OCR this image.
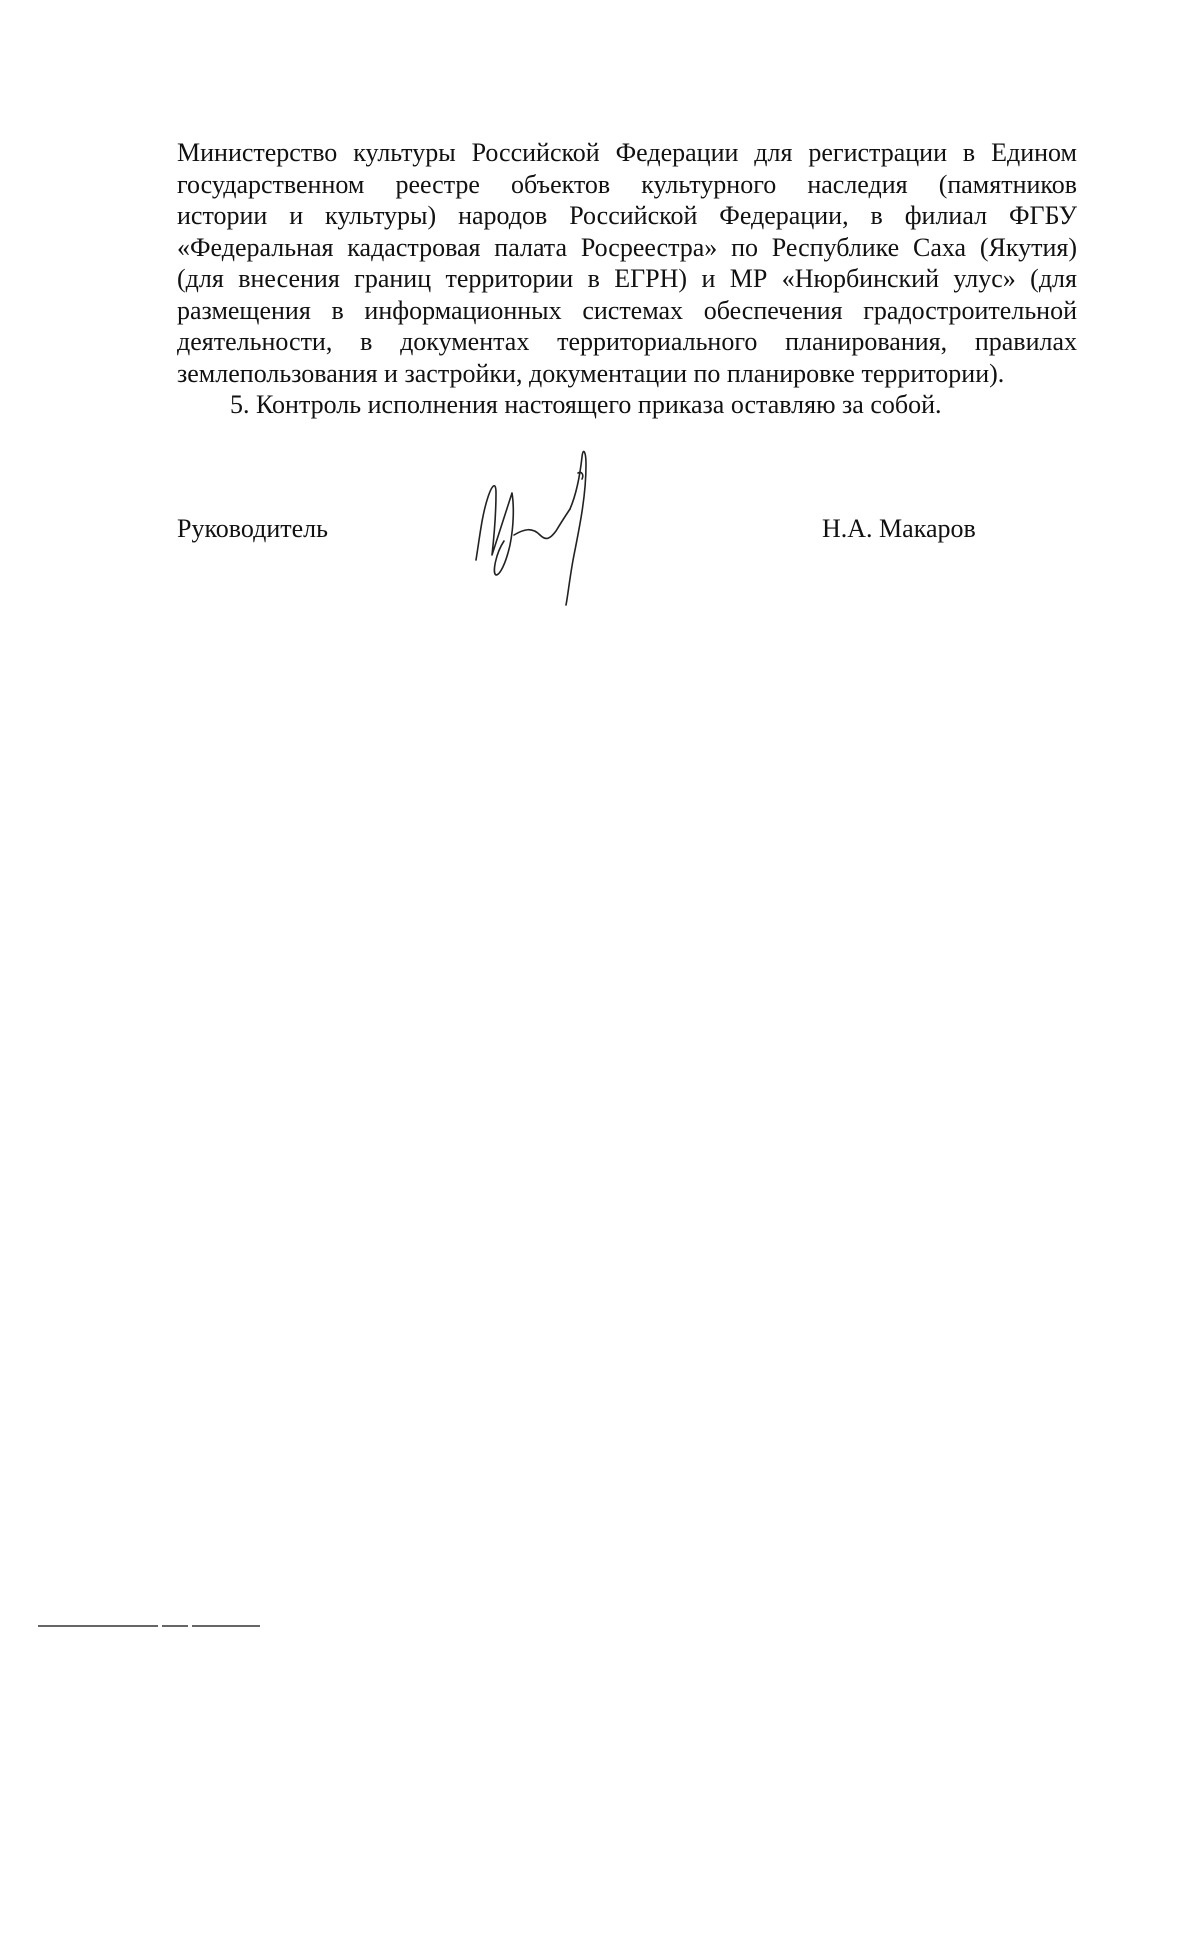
Министерство культуры Российской Федерации для регистрации в Едином
государственном реестре объектов культурного наследия (памятников
истории и культуры) народов Российской Федерации, в филиал ФГБУ
«Федеральная кадастровая палата Росреестра» по Республике Саха (Якутия)
(для внесения границ территории в ЕГРН) и МР «Нюрбинский улус» (для
размещения в информационных системах обеспечения градостроительной
деятельности, в документах территориального планирования, правилах
землепользования и застройки, документации по планировке территории).
5. Контроль исполнения настоящего приказа оставляю за собой.
Руководитель	Н.А. Макаров
